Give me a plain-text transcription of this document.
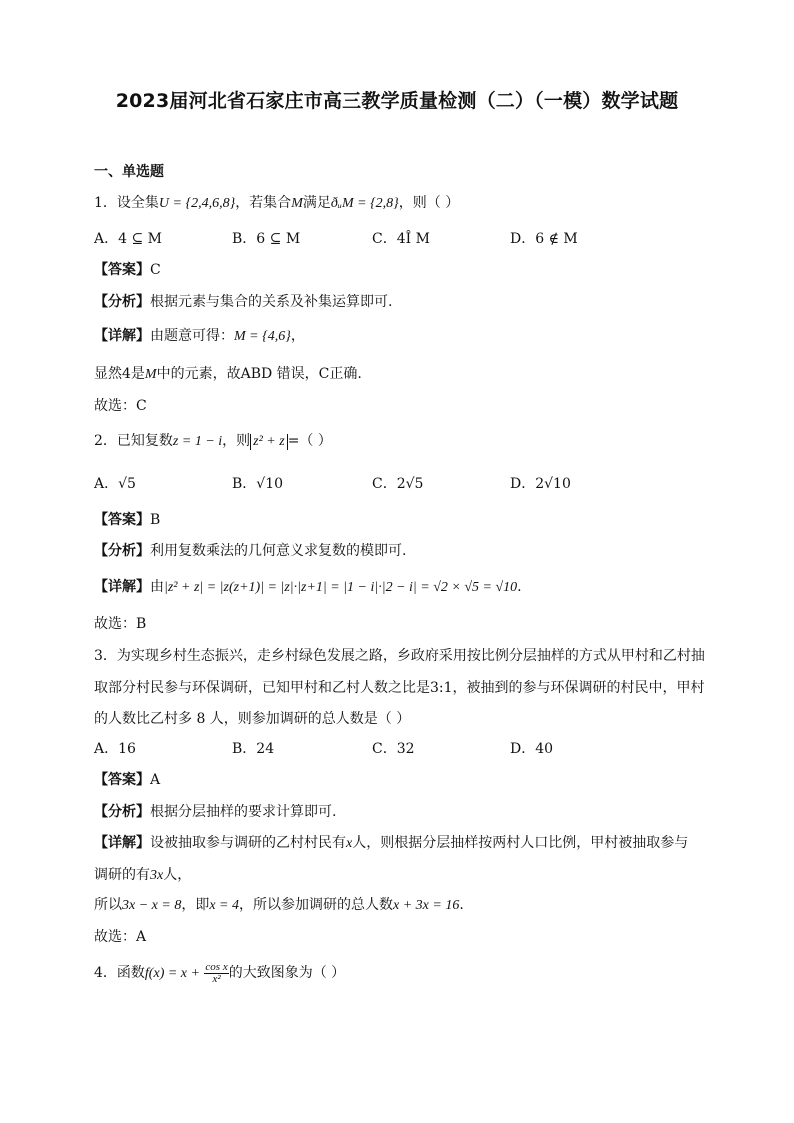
2023届河北省石家庄市高三教学质量检测（二）（一模）数学试题
一、单选题
1．设全集U = {2,4,6,8}，若集合M满足ðᵤM = {2,8}，则（ ）
A．4 ⊆ M	B．6 ⊆ M	C．4Î M	D．6 ∉ M
【答案】C
【分析】根据元素与集合的关系及补集运算即可.
【详解】由题意可得：M = {4,6}，
显然4是M中的元素，故ABD 错误，C正确.
故选：C
2．已知复数z = 1 − i，则 z² + z =（ ）
A．√5	B．√10	C．2√5	D．2√10
【答案】B
【分析】利用复数乘法的几何意义求复数的模即可.
【详解】由|z² + z| = |z(z+1)| = |z|·|z+1| = |1 − i|·|2 − i| = √2 × √5 = √10.
故选：B
3．为实现乡村生态振兴，走乡村绿色发展之路，乡政府采用按比例分层抽样的方式从甲村和乙村抽
取部分村民参与环保调研，已知甲村和乙村人数之比是3:1，被抽到的参与环保调研的村民中，甲村
的人数比乙村多 8 人，则参加调研的总人数是（ ）
A．16	B．24	C．32	D．40
【答案】A
【分析】根据分层抽样的要求计算即可.
【详解】设被抽取参与调研的乙村村民有x人，则根据分层抽样按两村人口比例，甲村被抽取参与
调研的有3x人，
所以3x − x = 8，即x = 4，所以参加调研的总人数x + 3x = 16.
故选：A
4．函数$f(x) = x + \frac{\text{cos x}}{\text{x²}}$ 的大致图象为（ ）
